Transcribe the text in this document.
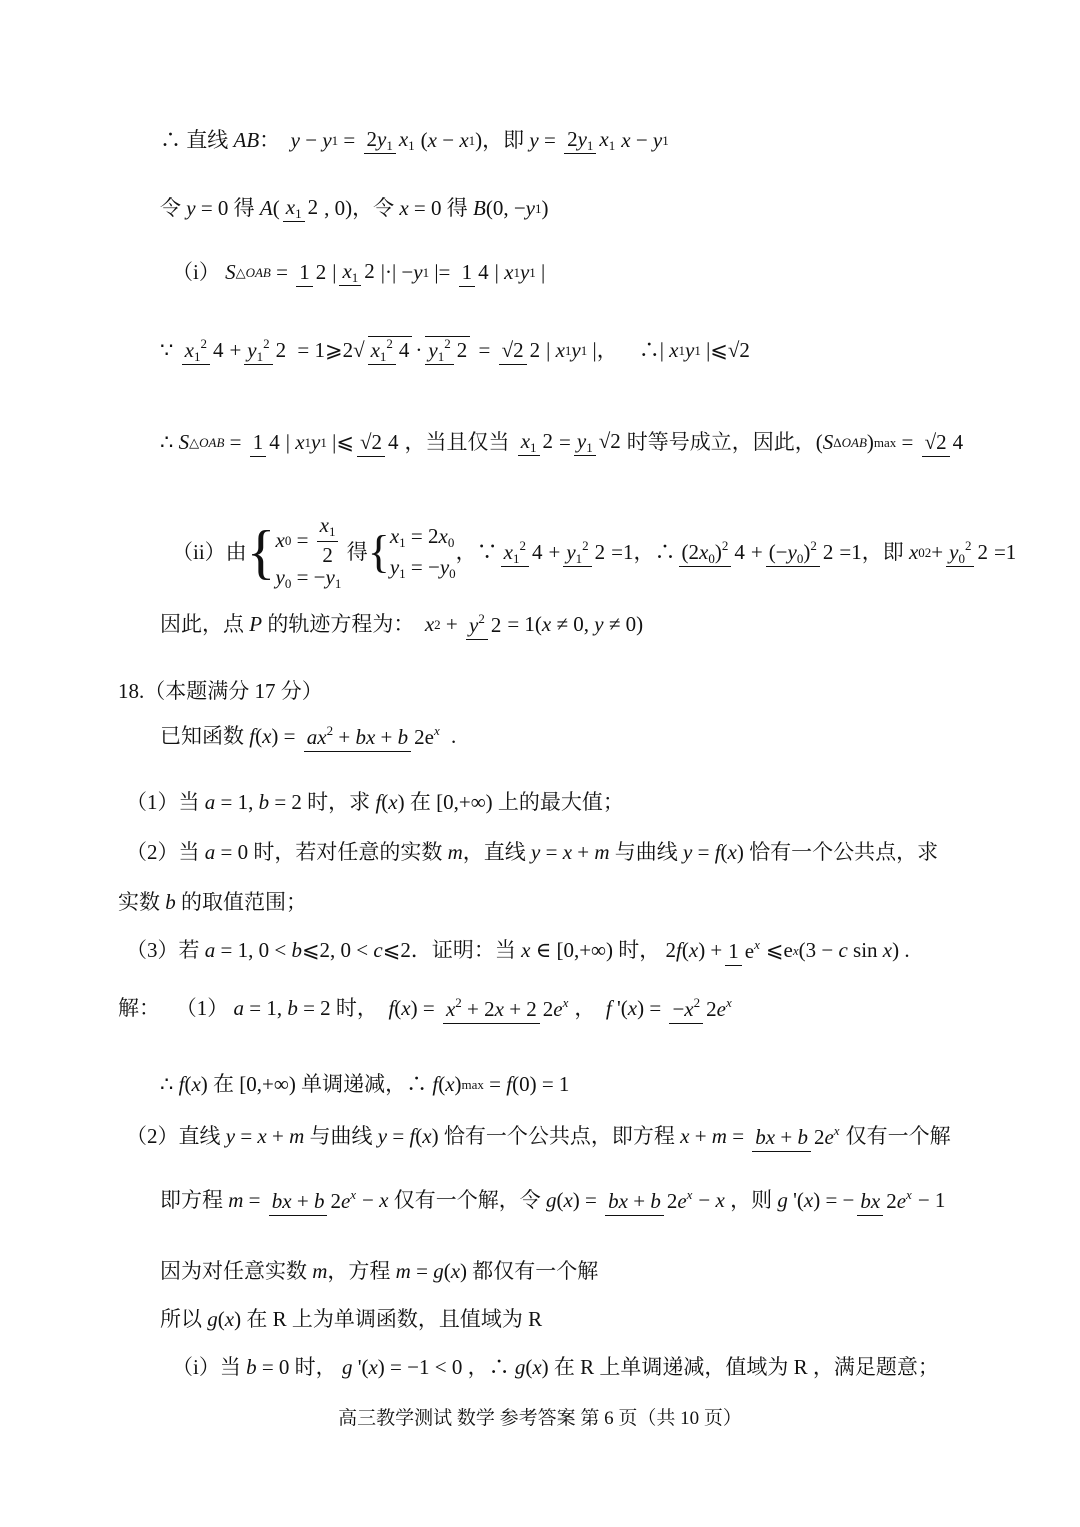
∴ 直线 AB ： y − y $1 = 2y_1$ $x_1$ ( x − x 1 )，即 $y = 2y_1$ $x_1$ x − y 1
令 y = 0 得 A ( $x_1$ 2 , 0)，令 x = 0 得 B (0, − y 1 )
（i） S △OAB = 1 2 | $x_1$ 2 |·| − y 1 |= 1 4 | x 1 y 1 |
∵ $x_1^2$ $4 + y_1^2$ 2 = 1⩾2√ $x_1^2$ $4 \cdot y_1^2$ 2 = √2 2 | x 1 y 1 |，    ∴| x 1 y 1 |⩽√2
∴ S △OAB = 1 4 | x 1 y 1 |⩽ √2 4 ，当且仅当 $x_1$ $2 = y_1$ √2 时等号成立，因此，( S ΔOAB ) max = √2 4
（ii）由 { x $0 = \frac{x_1}{2}$
$y_0 = -y_1$
得 { $x_1 = 2x_0$
$y_1 = -y_0$
，∵ $x_1^2$ $4 + y_1^2$ 2 =1，∴ $(2x_0)^2$ $4 + (-y_0)^2$ 2 =1，即 x 0 $2 + y_0^2$ 2 =1
因此，点 P 的轨迹方程为： x $2 + y^2$ 2 = 1( x ≠ 0, y ≠ 0)
18.（本题满分 17 分）
已知函数 f ( x ) = $ax^2$ + bx + b $2e^x$ .
（1）当 a = 1, b = 2 时，求 f ( x ) 在 [0,+∞) 上的最大值；
（2）当 a = 0 时，若对任意的实数 m ，直线 y = x + m 与曲线 y = f ( x ) 恰有一个公共点，求
实数 b 的取值范围；
（3）若 a = 1, 0 < b ⩽2, 0 < c ⩽2．证明：当 x ∈ [0,+∞) 时， 2 f ( x ) + 1 $e^x$ ⩽e x (3 − c sin x ) .
解：   （1） a = 1, b = 2 时， f ( x ) = $x^2 + 2x + 2$ $2e^x$ ， f '( x ) = $-x^2$ $2e^x$
∴ f ( x ) 在 [0,+∞) 单调递减，∴ f ( x ) max = f (0) = 1
（2）直线 y = x + m 与曲线 y = f ( x ) 恰有一个公共点，即方程 x + m = bx + b $2e^x$ 仅有一个解
即方程 m = bx + b $2e^x - x$ 仅有一个解，令 g ( x ) = bx + b $2e^x - x$ ，则 g '( x ) = − bx $2e^x - 1$
因为对任意实数 m ，方程 m = g ( x ) 都仅有一个解
所以 g ( x ) 在 R 上为单调函数，且值域为 R
（i）当 b = 0 时， g '( x ) = −1 < 0 ，∴ g ( x ) 在 R 上单调递减，值域为 R ，满足题意；
高三教学测试 数学 参考答案 第 6 页（共 10 页）
